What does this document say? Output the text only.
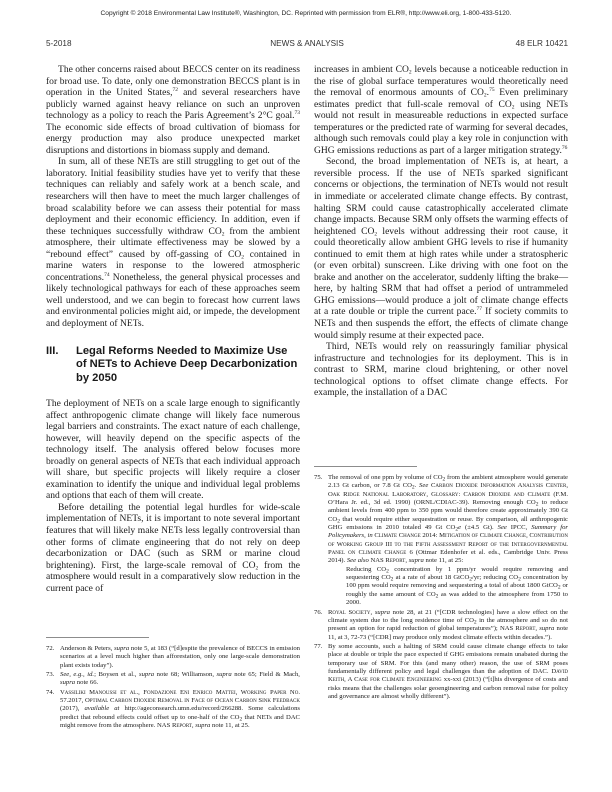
Copyright © 2018 Environmental Law Institute®, Washington, DC. Reprinted with permission from ELR®, http://www.eli.org, 1-800-433-5120.
5-2018	NEWS & ANALYSIS	48 ELR 10421

The other concerns raised about BECCS center on its readiness for broad use. To date, only one demonstration BECCS plant is in operation in the United States,$^{72}$ and several researchers have publicly warned against heavy reliance on such an unproven technology as a policy to reach the Paris Agreement’s 2°C goal.$^{73}$ The economic side effects of broad cultivation of biomass for energy production may also produce unexpected market disruptions and distortions in biomass supply and demand.

In sum, all of these NETs are still struggling to get out of the laboratory. Initial feasibility studies have yet to verify that these techniques can reliably and safely work at a bench scale, and researchers will then have to meet the much larger challenges of broad scalability before we can assess their potential for mass deployment and their economic efficiency. In addition, even if these techniques successfully withdraw $CO_2$ from the ambient atmosphere, their ultimate effectiveness may be slowed by a “rebound effect” caused by off-gassing of $CO_2$ contained in marine waters in response to the lowered atmospheric concentrations.$^{74}$ Nonetheless, the general physical processes and likely technological pathways for each of these approaches seem well understood, and we can begin to forecast how current laws and environmental policies might aid, or impede, the development and deployment of NETs.

III.	Legal Reforms Needed to Maximize Use of NETs to Achieve Deep Decarbonization by 2050

The deployment of NETs on a scale large enough to significantly affect anthropogenic climate change will likely face numerous legal barriers and constraints. The exact nature of each challenge, however, will heavily depend on the specific aspects of the technology itself. The analysis offered below focuses more broadly on general aspects of NETs that each individual approach will share, but specific projects will likely require a closer examination to identify the unique and individual legal problems and options that each of them will create.

Before detailing the potential legal hurdles for wide-scale implementation of NETs, it is important to note several important features that will likely make NETs less legally controversial than other forms of climate engineering that do not rely on deep decarbonization or DAC (such as SRM or marine cloud brightening). First, the large-scale removal of $CO_2$ from the atmosphere would result in a comparatively slow reduction in the current pace of

72. Anderson & Peters, supra note 5, at 183 (“[d]espite the prevalence of BECCS in emission scenarios at a level much higher than afforestation, only one large-scale demonstration plant exists today”).
73. See, e.g., id.; Boysen et al., supra note 68; Williamson, supra note 65; Field & Mach, supra note 66.
74. Vassiliki Manoussi et al., Fondazione Eni Enrico Mattei, Working Paper No. 57.2017, Optimal Carbon Dioxide Removal in Face of Ocean Carbon Sink Feedback (2017), available at http://ageconsearch.umn.edu/record/266288. Some calculations predict that rebound effects could offset up to one-half of the $CO_2$ that NETs and DAC might remove from the atmosphere. NAS Report, supra note 11, at 25.

increases in ambient $CO_2$ levels because a noticeable reduction in the rise of global surface temperatures would theoretically need the removal of enormous amounts of $CO_2.^{75}$ Even preliminary estimates predict that full-scale removal of $CO_2$ using NETs would not result in measureable reductions in expected surface temperatures or the predicted rate of warming for several decades, although such removals could play a key role in conjunction with GHG emissions reductions as part of a larger mitigation strategy.$^{76}$

Second, the broad implementation of NETs is, at heart, a reversible process. If the use of NETs sparked significant concerns or objections, the termination of NETs would not result in immediate or accelerated climate change effects. By contrast, halting SRM could cause catastrophically accelerated climate change impacts. Because SRM only offsets the warming effects of heightened $CO_2$ levels without addressing their root cause, it could theoretically allow ambient GHG levels to rise if humanity continued to emit them at high rates while under a stratospheric (or even orbital) sunscreen. Like driving with one foot on the brake and another on the accelerator, suddenly lifting the brake—here, by halting SRM that had offset a period of untrammeled GHG emissions—would produce a jolt of climate change effects at a rate double or triple the current pace.$^{77}$ If society commits to NETs and then suspends the effort, the effects of climate change would simply resume at their expected pace.

Third, NETs would rely on reassuringly familiar physical infrastructure and technologies for its deployment. This is in contrast to SRM, marine cloud brightening, or other novel technological options to offset climate change effects. For example, the installation of a DAC

75. The removal of one ppm by volume of $CO_2$ from the ambient atmosphere would generate 2.13 Gt carbon, or 7.8 Gt $CO_2$. See Carbon Dioxide Information Analysis Center, Oak Ridge National Laboratory, Glossary: Carbon Dioxide and Climate (F.M. O’Hara Jr. ed., 3d ed. 1990) (ORNL/CDIAC-39). Removing enough $CO_2$ to reduce ambient levels from 400 ppm to 350 ppm would therefore create approximately 390 Gt $CO_2$ that would require either sequestration or reuse. By comparison, all anthropogenic GHG emissions in 2010 totaled 49 Gt $CO_2e$ (±4.5 Gt). See IPCC, Summary for Policymakers, in Climate Change 2014: Mitigation of Climate Change, Contribution of Working Group III to the Fifth Assessment Report of the Intergovernmental Panel on Climate Change 6 (Ottmar Edenhofer et al. eds., Cambridge Univ. Press 2014). See also NAS Report, supra note 11, at 25:
Reducing $CO_2$ concentration by 1 ppm/yr would require removing and sequestering $CO_2$ at a rate of about 18 GtCO$_2$/yr; reducing $CO_2$ concentration by 100 ppm would require removing and sequestering a total of about 1800 GtCO$_2$ or roughly the same amount of $CO_2$ as was added to the atmosphere from 1750 to 2000.
76. Royal Society, supra note 28, at 21 (“[CDR technologies] have a slow effect on the climate system due to the long residence time of $CO_2$ in the atmosphere and so do not present an option for rapid reduction of global temperatures”); NAS Report, supra note 11, at 3, 72-73 (“[CDR] may produce only modest climate effects within decades.”).
77. By some accounts, such a halting of SRM could cause climate change effects to take place at double or triple the pace expected if GHG emissions remain unabated during the temporary use of SRM. For this (and many other) reason, the use of SRM poses fundamentally different policy and legal challenges than the adoption of DAC. David Keith, A Case for Climate Engineering xx-xxi (2013) (“[t]his divergence of costs and risks means that the challenges solar geoengineering and carbon removal raise for policy and governance are almost wholly different”).
